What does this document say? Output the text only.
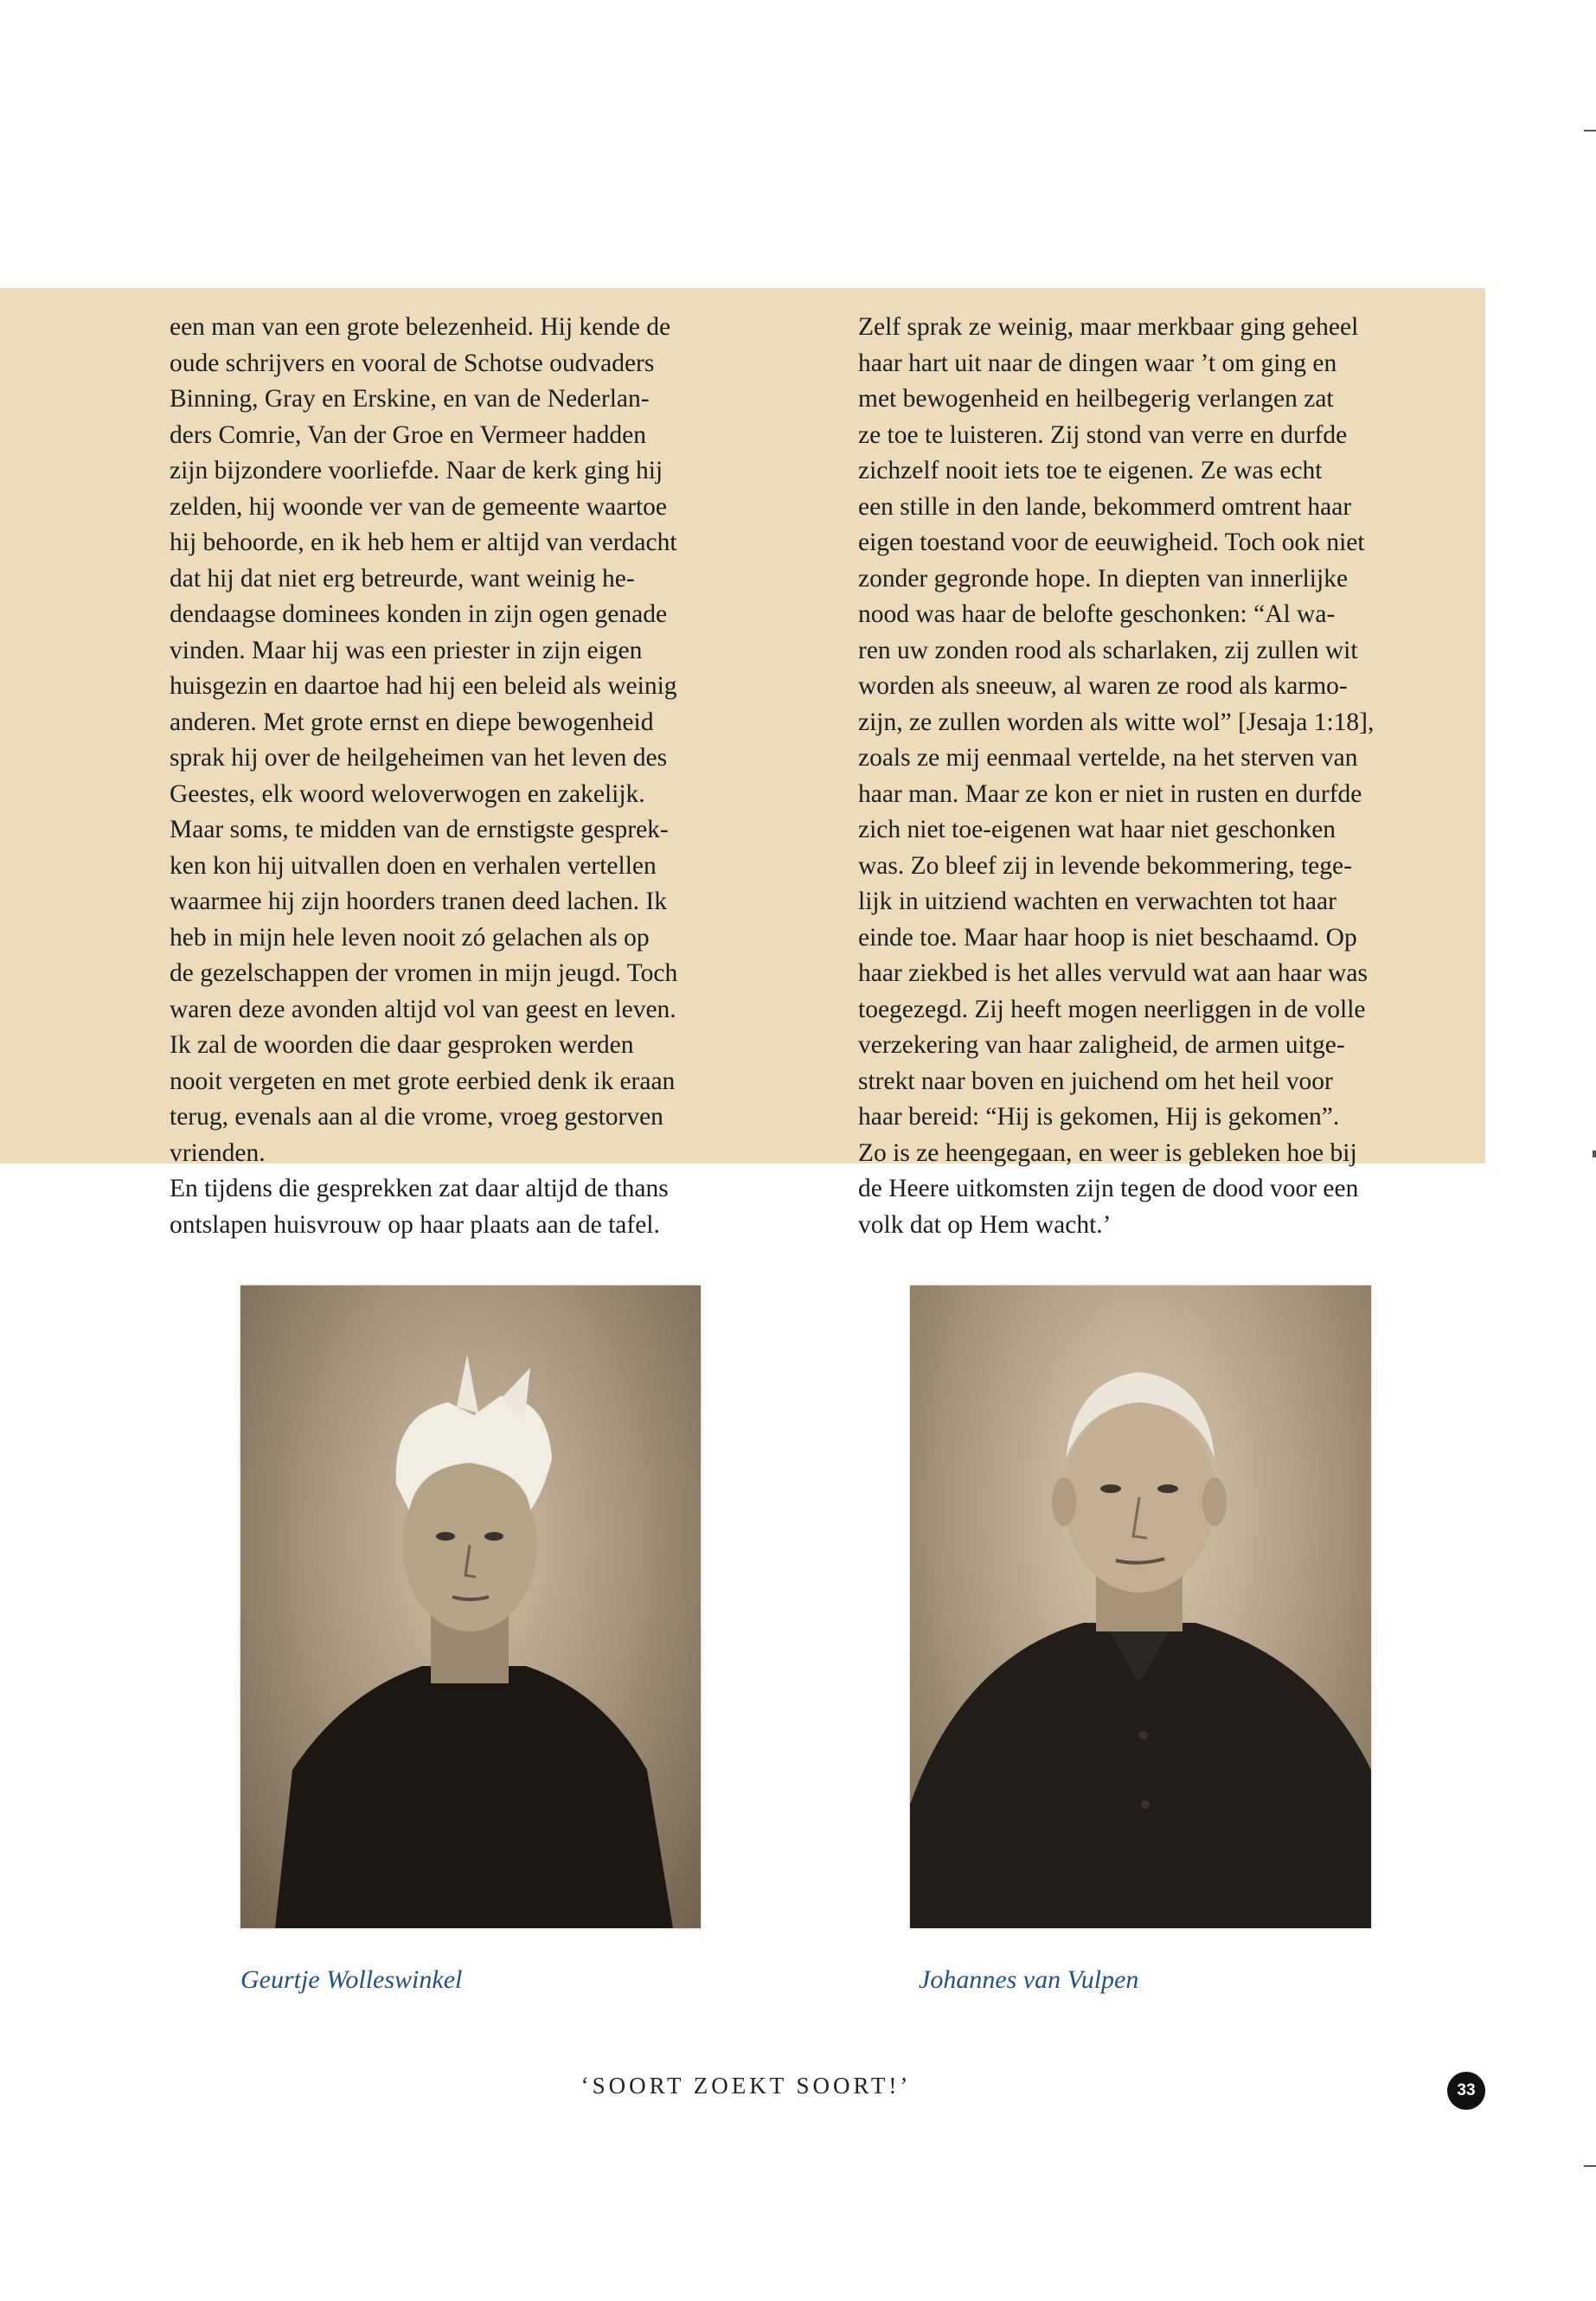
een man van een grote belezenheid. Hij kende de
oude schrijvers en vooral de Schotse oudvaders
Binning, Gray en Erskine, en van de Nederlan-
ders Comrie, Van der Groe en Vermeer hadden
zijn bijzondere voorliefde. Naar de kerk ging hij
zelden, hij woonde ver van de gemeente waartoe
hij behoorde, en ik heb hem er altijd van verdacht
dat hij dat niet erg betreurde, want weinig he-
dendaagse dominees konden in zijn ogen genade
vinden. Maar hij was een priester in zijn eigen
huisgezin en daartoe had hij een beleid als weinig
anderen. Met grote ernst en diepe bewogenheid
sprak hij over de heilgeheimen van het leven des
Geestes, elk woord weloverwogen en zakelijk.
Maar soms, te midden van de ernstigste gesprek-
ken kon hij uitvallen doen en verhalen vertellen
waarmee hij zijn hoorders tranen deed lachen. Ik
heb in mijn hele leven nooit zó gelachen als op
de gezelschappen der vromen in mijn jeugd. Toch
waren deze avonden altijd vol van geest en leven.
Ik zal de woorden die daar gesproken werden
nooit vergeten en met grote eerbied denk ik eraan
terug, evenals aan al die vrome, vroeg gestorven
vrienden.
En tijdens die gesprekken zat daar altijd de thans
ontslapen huisvrouw op haar plaats aan de tafel.

Zelf sprak ze weinig, maar merkbaar ging geheel
haar hart uit naar de dingen waar ’t om ging en
met bewogenheid en heilbegerig verlangen zat
ze toe te luisteren. Zij stond van verre en durfde
zichzelf nooit iets toe te eigenen. Ze was echt
een stille in den lande, bekommerd omtrent haar
eigen toestand voor de eeuwigheid. Toch ook niet
zonder gegronde hope. In diepten van innerlijke
nood was haar de belofte geschonken: “Al wa-
ren uw zonden rood als scharlaken, zij zullen wit
worden als sneeuw, al waren ze rood als karmo-
zijn, ze zullen worden als witte wol” [Jesaja 1:18],
zoals ze mij eenmaal vertelde, na het sterven van
haar man. Maar ze kon er niet in rusten en durfde
zich niet toe-eigenen wat haar niet geschonken
was. Zo bleef zij in levende bekommering, tege-
lijk in uitziend wachten en verwachten tot haar
einde toe. Maar haar hoop is niet beschaamd. Op
haar ziekbed is het alles vervuld wat aan haar was
toegezegd. Zij heeft mogen neerliggen in de volle
verzekering van haar zaligheid, de armen uitge-
strekt naar boven en juichend om het heil voor
haar bereid: “Hij is gekomen, Hij is gekomen”.
Zo is ze heengegaan, en weer is gebleken hoe bij
de Heere uitkomsten zijn tegen de dood voor een
volk dat op Hem wacht.’

Geurtje Wolleswinkel	Johannes van Vulpen
‘SOORT ZOEKT SOORT!’	33
